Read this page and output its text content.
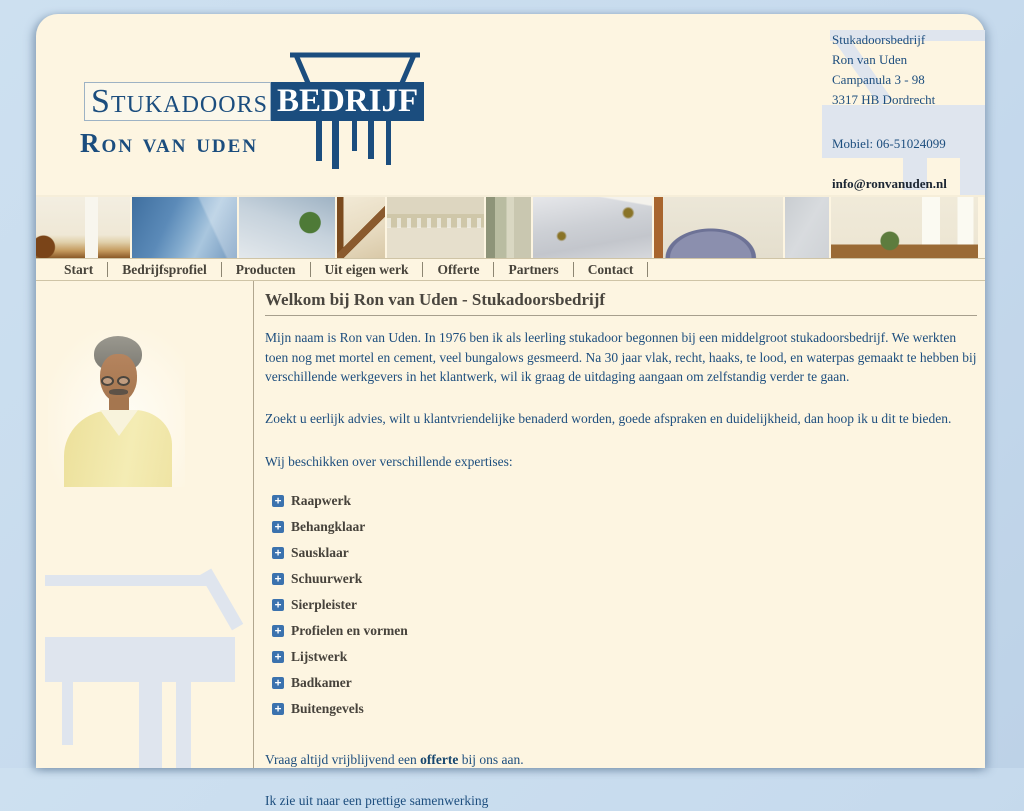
Stukadoors BEDRIJF
Ron van uden
Stukadoorsbedrijf
Ron van Uden
Campanula 3 - 98
3317 HB Dordrecht
Mobiel: 06-51024099
info@ronvanuden.nl
Start	Bedrijfsprofiel	Producten	Uit eigen werk	Offerte	Partners	Contact
Welkom bij Ron van Uden - Stukadoorsbedrijf

Mijn naam is Ron van Uden. In 1976 ben ik als leerling stukadoor begonnen bij een middelgroot stukadoorsbedrijf. We werkten toen nog met mortel en cement, veel bungalows gesmeerd. Na 30 jaar vlak, recht, haaks, te lood, en waterpas gemaakt te hebben bij verschillende werkgevers in het klantwerk, wil ik graag de uitdaging aangaan om zelfstandig verder te gaan.

Zoekt u eerlijk advies, wilt u klantvriendelijke benaderd worden, goede afspraken en duidelijkheid, dan hoop ik u dit te bieden.

Wij beschikken over verschillende expertises:

+ Raapwerk
+ Behangklaar
+ Sausklaar
+ Schuurwerk
+ Sierpleister
+ Profielen en vormen
+ Lijstwerk
+ Badkamer
+ Buitengevels

Vraag altijd vrijblijvend een offerte bij ons aan.

Ik zie uit naar een prettige samenwerking
